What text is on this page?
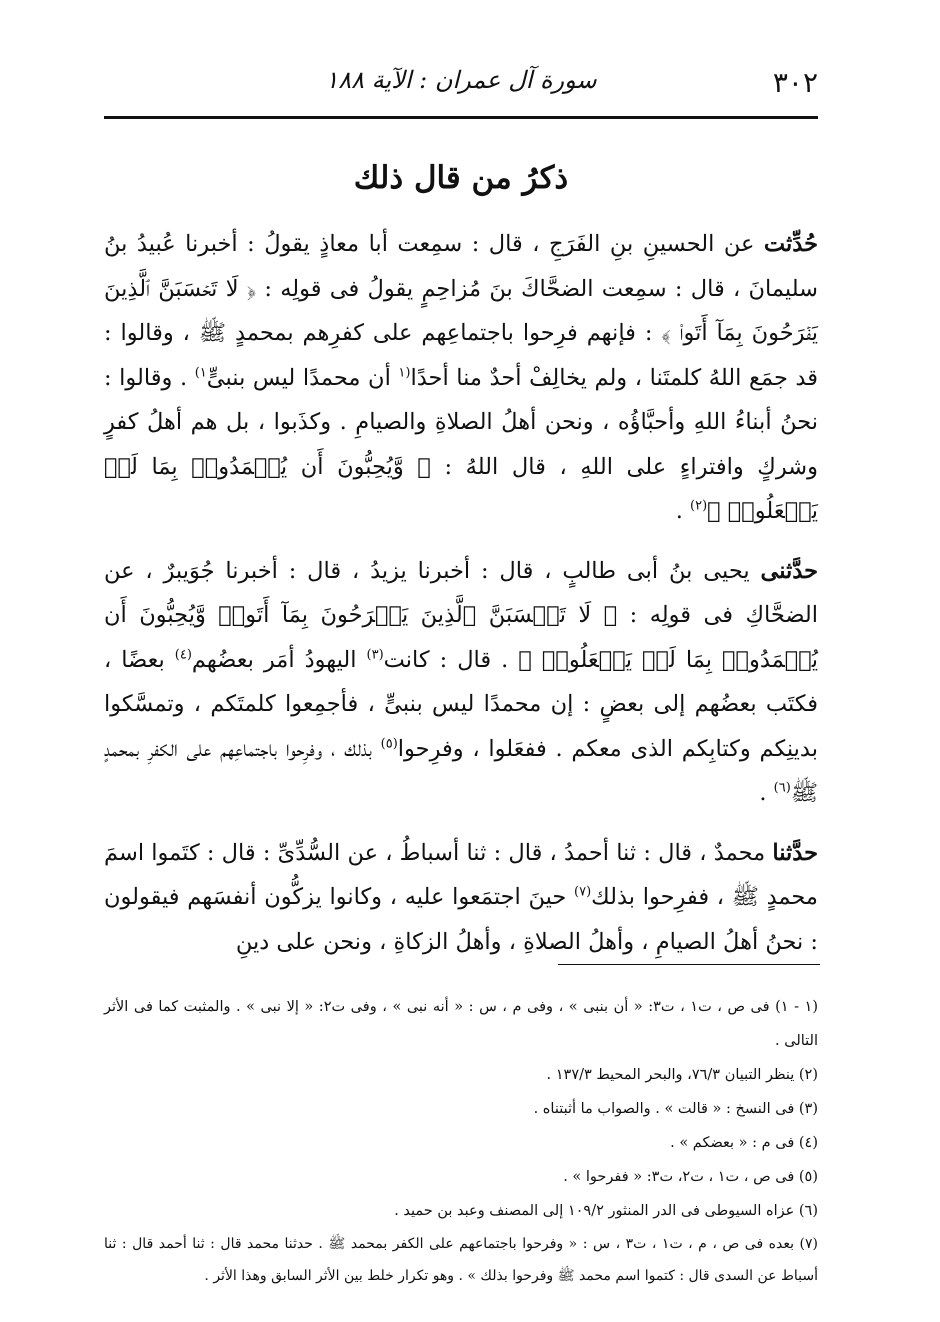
٣٠٢
سورة آل عمران : الآية ١٨٨
ذكرُ من قال ذلك

حُدِّثت عن الحسينِ بنِ الفَرَجِ ، قال : سمِعت أبا معاذٍ يقولُ : أخبرنا عُبيدُ بنُ سليمانَ ، قال : سمِعت الضحَّاكَ بنَ مُزاحِمٍ يقولُ فى قولِه : ﴿ لَا تَحۡسَبَنَّ ٱلَّذِينَ يَفۡرَحُونَ بِمَآ أَتَوا۟ ﴾ : فإنهم فرِحوا باجتماعِهم على كفرِهم بمحمدٍ ﷺ ، وقالوا : قد جمَع اللهُ كلمتَنا ، ولم يخالِفْ أحدٌ منا أحدًا$^{(١}$ أن محمدًا ليس بنبىٍّ$^{١)}$ . وقالوا : نحنُ أبناءُ اللهِ وأحبَّاؤُه ، ونحن أهلُ الصلاةِ والصيامِ . وكذَبوا ، بل هم أهلُ كفرٍ وشركٍ وافتراءٍ على اللهِ ، قال اللهُ : ﴿ وَّيُحِبُّونَ أَن يُحۡمَدُوا۟ بِمَا لَمۡ يَفۡعَلُوا۟ ﴾$^{(٢)}$ .

حدَّثنى يحيى بنُ أبى طالبٍ ، قال : أخبرنا يزيدُ ، قال : أخبرنا جُوَيبرٌ ، عن الضحَّاكِ فى قولِه : ﴿ لَا تَحۡسَبَنَّ ٱلَّذِينَ يَفۡرَحُونَ بِمَآ أَتَوا۟ وَّيُحِبُّونَ أَن يُحۡمَدُوا۟ بِمَا لَمۡ يَفۡعَلُوا۟ ﴾ . قال : كانت$^{(٣)}$ اليهودُ أمَر بعضُهم$^{(٤)}$ بعضًا ، فكتَب بعضُهم إلى بعضٍ : إن محمدًا ليس بنبىٍّ ، فأجمِعوا كلمتَكم ، وتمسَّكوا بدينِكم وكتابِكم الذى معكم . ففعَلوا ، وفرِحوا$^{(٥)}$ بذلك ، وفرِحوا باجتماعِهم على الكفرِ بمحمدٍ ﷺ$^{(٦)}$ .

حدَّثنا محمدٌ ، قال : ثنا أحمدُ ، قال : ثنا أسباطُ ، عن السُّدِّىِّ : قال : كتَموا اسمَ محمدٍ ﷺ ، ففرِحوا بذلك$^{(٧)}$ حينَ اجتمَعوا عليه ، وكانوا يزكُّون أنفسَهم فيقولون : نحنُ أهلُ الصيامِ ، وأهلُ الصلاةِ ، وأهلُ الزكاةِ ، ونحن على دينِ

(١ - ١) فى ص ، ت١ ، ت٣: « أن بنبى » ، وفى م ، س : « أنه نبى » ، وفى ت٢: « إلا نبى » . والمثبت كما فى الأثر التالى .

(٢) ينظر التبيان ٧٦/٣، والبحر المحيط ١٣٧/٣ .

(٣) فى النسخ : « قالت » . والصواب ما أثبتناه .

(٤) فى م : « بعضكم » .

(٥) فى ص ، ت١ ، ت٢، ت٣: « ففرحوا » .

(٦) عزاه السيوطى فى الدر المنثور ١٠٩/٢ إلى المصنف وعبد بن حميد .

(٧) بعده فى ص ، م ، ت١ ، ت٣ ، س : « وفرحوا باجتماعهم على الكفر بمحمد ﷺ . حدثنا محمد قال : ثنا أحمد قال : ثنا أسباط عن السدى قال : كتموا اسم محمد ﷺ وفرحوا بذلك » . وهو تكرار خلط بين الأثر السابق وهذا الأثر .
